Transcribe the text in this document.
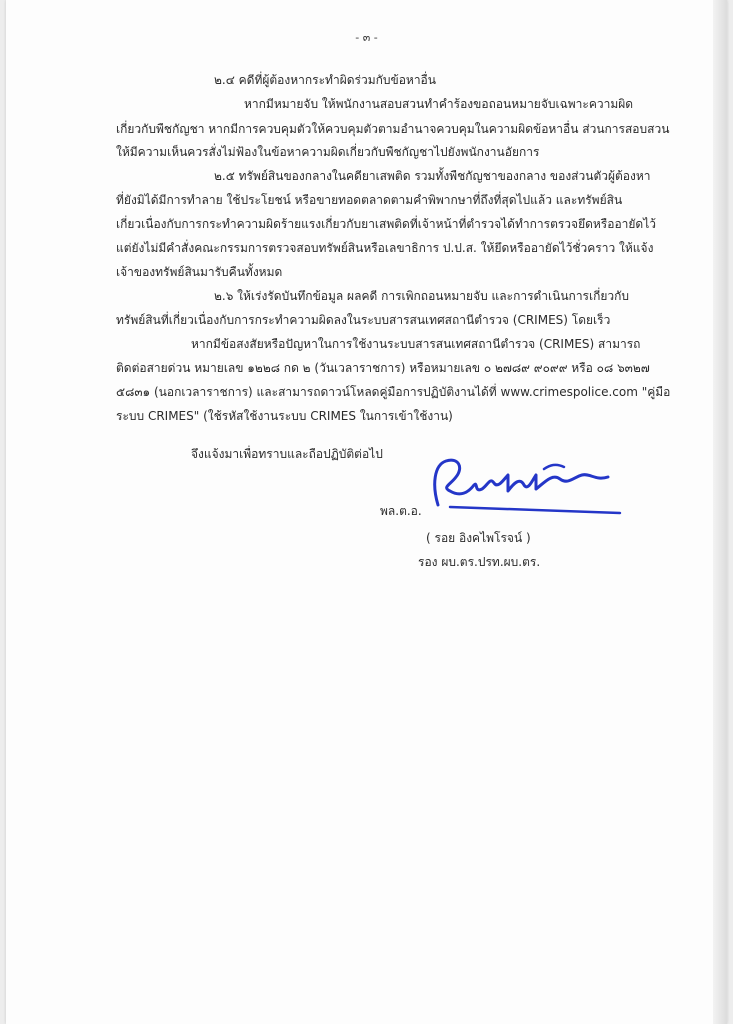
- ๓ -
๒.๔ คดีที่ผู้ต้องหากระทำผิดร่วมกับข้อหาอื่น
หากมีหมายจับ ให้พนักงานสอบสวนทำคำร้องขอถอนหมายจับเฉพาะความผิด
เกี่ยวกับพืชกัญชา หากมีการควบคุมตัวให้ควบคุมตัวตามอำนาจควบคุมในความผิดข้อหาอื่น ส่วนการสอบสวน
ให้มีความเห็นควรสั่งไม่ฟ้องในข้อหาความผิดเกี่ยวกับพืชกัญชาไปยังพนักงานอัยการ
๒.๕ ทรัพย์สินของกลางในคดียาเสพติด รวมทั้งพืชกัญชาของกลาง ของส่วนตัวผู้ต้องหา
ที่ยังมิได้มีการทำลาย ใช้ประโยชน์ หรือขายทอดตลาดตามคำพิพากษาที่ถึงที่สุดไปแล้ว และทรัพย์สิน
เกี่ยวเนื่องกับการกระทำความผิดร้ายแรงเกี่ยวกับยาเสพติดที่เจ้าหน้าที่ตำรวจได้ทำการตรวจยึดหรืออายัดไว้
แต่ยังไม่มีคำสั่งคณะกรรมการตรวจสอบทรัพย์สินหรือเลขาธิการ ป.ป.ส. ให้ยึดหรืออายัดไว้ชั่วคราว ให้แจ้ง
เจ้าของทรัพย์สินมารับคืนทั้งหมด
๒.๖ ให้เร่งรัดบันทึกข้อมูล ผลคดี การเพิกถอนหมายจับ และการดำเนินการเกี่ยวกับ
ทรัพย์สินที่เกี่ยวเนื่องกับการกระทำความผิดลงในระบบสารสนเทศสถานีตำรวจ (CRIMES) โดยเร็ว
หากมีข้อสงสัยหรือปัญหาในการใช้งานระบบสารสนเทศสถานีตำรวจ (CRIMES) สามารถ
ติดต่อสายด่วน หมายเลข ๑๒๒๘ กด ๒ (วันเวลาราชการ) หรือหมายเลข ๐ ๒๗๘๙ ๙๐๙๙ หรือ ๐๘ ๖๓๒๗
๕๘๓๑ (นอกเวลาราชการ) และสามารถดาวน์โหลดคู่มือการปฏิบัติงานได้ที่ www.crimespolice.com "คู่มือ
ระบบ CRIMES" (ใช้รหัสใช้งานระบบ CRIMES ในการเข้าใช้งาน)
จึงแจ้งมาเพื่อทราบและถือปฏิบัติต่อไป
พล.ต.อ.
( รอย อิงคไพโรจน์ )
รอง ผบ.ตร.ปรท.ผบ.ตร.
